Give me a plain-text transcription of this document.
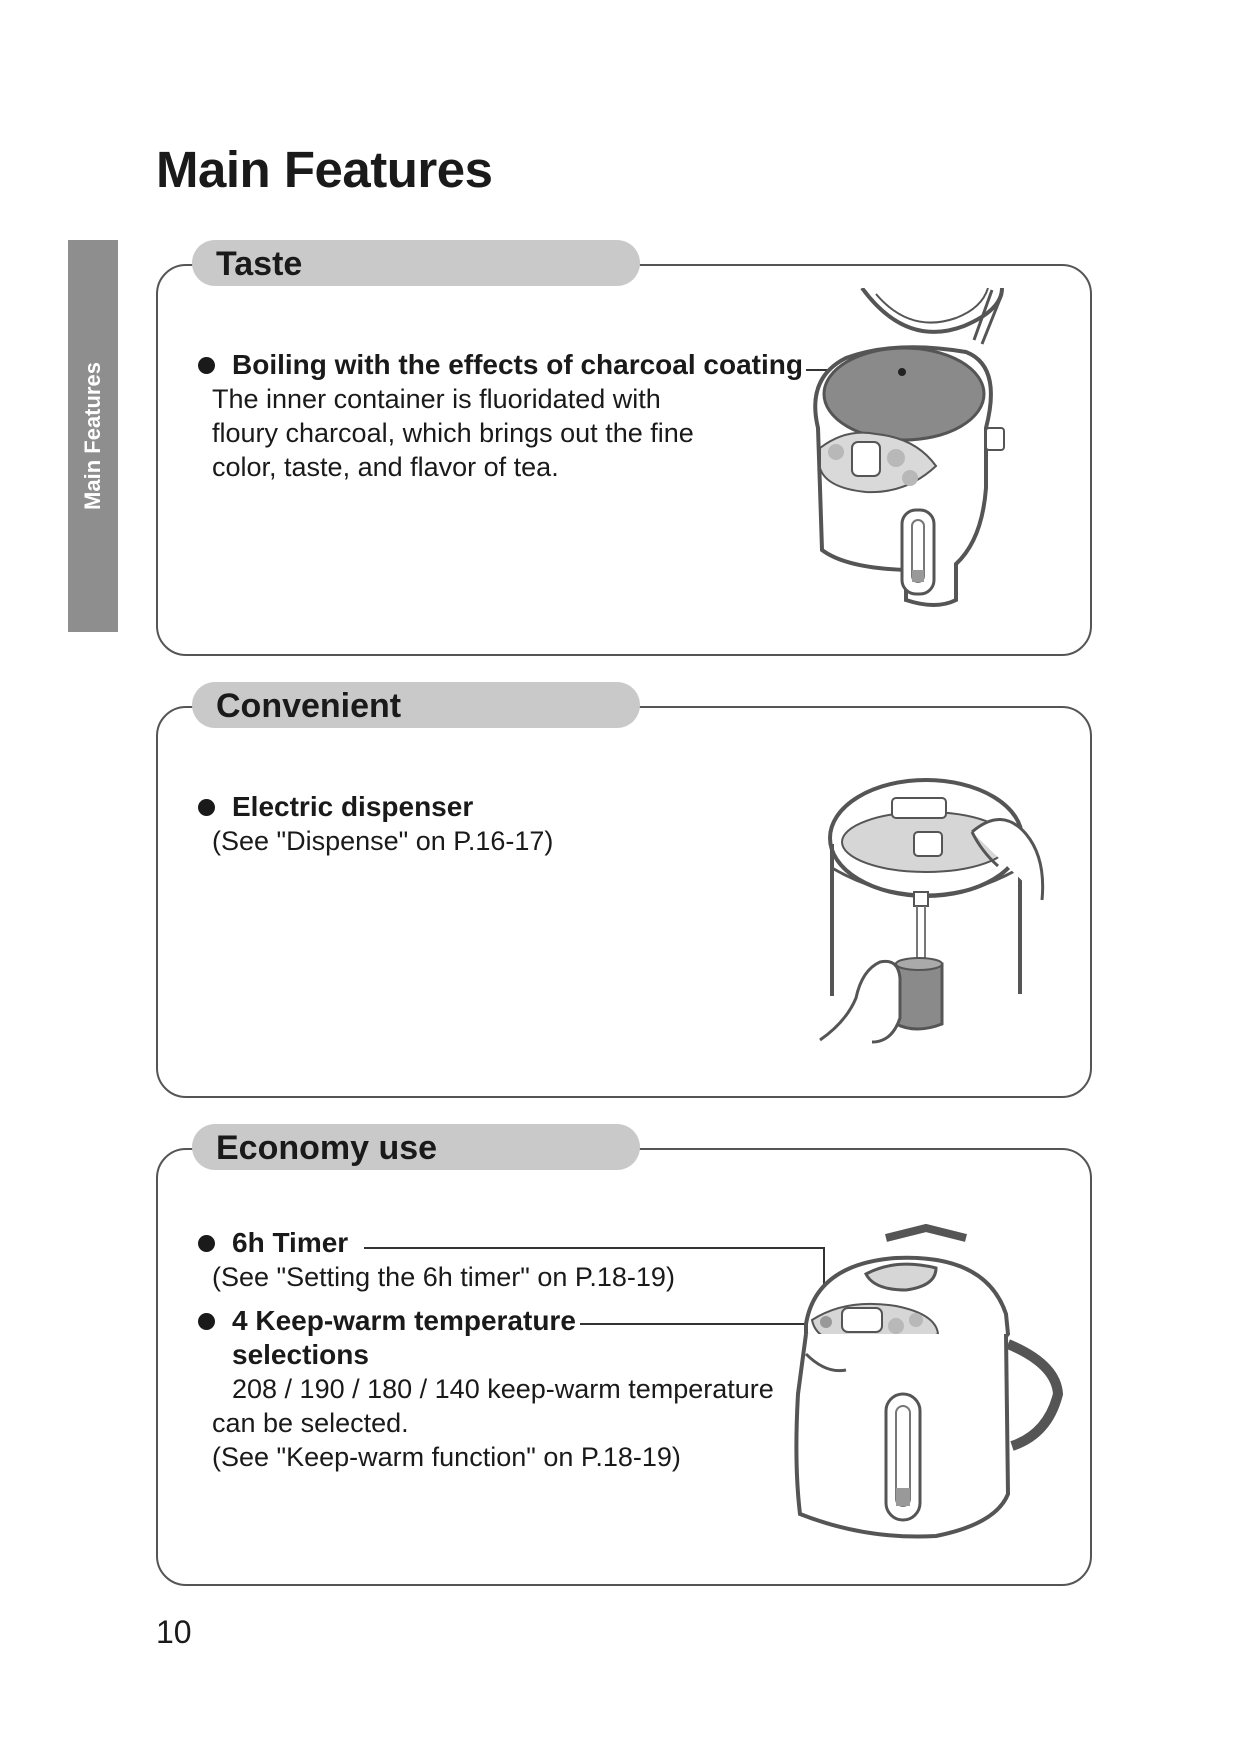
Main Features
Main Features
Taste
Boiling with the effects of charcoal coating
The inner container is fluoridated with
floury charcoal, which brings out the fine
color, taste, and flavor of tea.
Convenient
Electric dispenser
(See "Dispense" on P.16-17)
Economy use
6h Timer
(See "Setting the 6h timer" on P.18-19)
4 Keep-warm temperature
selections
208 / 190 / 180 / 140 keep-warm temperature
can be selected.
(See "Keep-warm function" on P.18-19)
10
